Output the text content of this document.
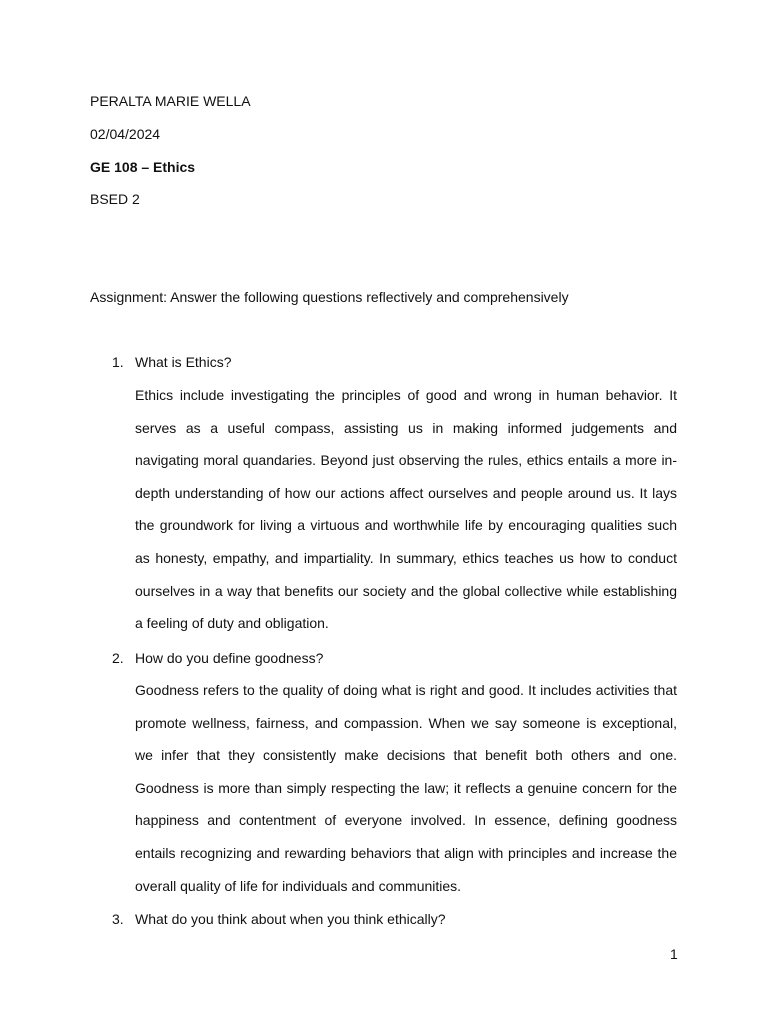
PERALTA MARIE WELLA
02/04/2024
GE 108 – Ethics
BSED 2
Assignment: Answer the following questions reflectively and comprehensively
1. What is Ethics?

Ethics include investigating the principles of good and wrong in human behavior. It serves as a useful compass, assisting us in making informed judgements and navigating moral quandaries. Beyond just observing the rules, ethics entails a more in-depth understanding of how our actions affect ourselves and people around us. It lays the groundwork for living a virtuous and worthwhile life by encouraging qualities such as honesty, empathy, and impartiality. In summary, ethics teaches us how to conduct ourselves in a way that benefits our society and the global collective while establishing a feeling of duty and obligation.

2. How do you define goodness?

Goodness refers to the quality of doing what is right and good. It includes activities that promote wellness, fairness, and compassion. When we say someone is exceptional, we infer that they consistently make decisions that benefit both others and one. Goodness is more than simply respecting the law; it reflects a genuine concern for the happiness and contentment of everyone involved. In essence, defining goodness entails recognizing and rewarding behaviors that align with principles and increase the overall quality of life for individuals and communities.

3. What do you think about when you think ethically?
1
